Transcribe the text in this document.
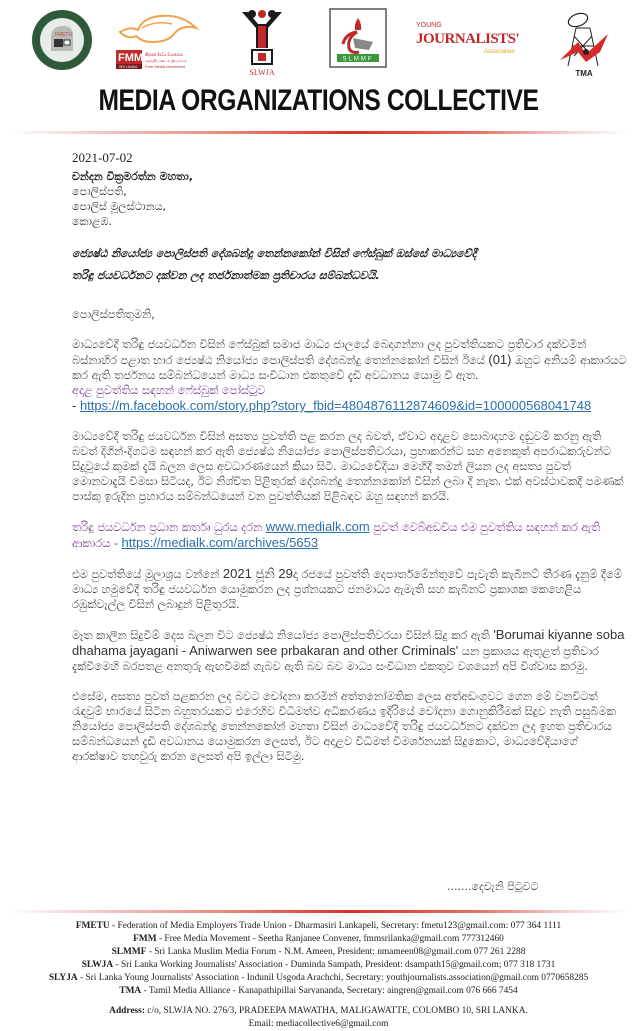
FMETU
FMM
SRI LANKA
නිදහස් මාධ්‍ය ව්‍යාපාරය
சுதந்திர ஊடக இயக்கம்
Free Media Movement
SLWJA
SLMMF
YOUNG
JOURNALISTS'
Association
TMA
MEDIA ORGANIZATIONS COLLECTIVE
2021-07-02
චන්දන වික්‍රමරත්න මහතා,
පොලිස්පති,
පොලිස් මූලස්ථානය,
කොළඹ.
ජ්‍යෙෂ්ඨ නියෝජ්‍ය පොලිස්පති දේශබන්දු තෙන්නකෝන් විසින් ෆේස්බුක් ඔස්සේ මාධ්‍යවේදී
තරිඳු ජයවර්ධනට දක්වන ලද තර්ජනාත්මක ප්‍රතිචාරය සම්බන්ධවයි.
පොලිස්පතිතුමනි,

මාධ්‍යවේදී තරිඳු ජයවර්ධන විසින් ෆේස්බුක් සමාජ මාධ්‍ය ජාලයේ බෙදාගන්නා ලද පුවත්තියකට ප්‍රතිචාර දක්වමින් බස්නාහිර පළාත භාර ජ්‍යෙෂ්ඨ නියෝජ්‍ය පොලිස්පති දේශබන්දු තෙන්නකෝන් විසින් ඊයේ (01) ඔහුට අනියම් ආකාරයට කර ඇති තර්ජනය සම්බන්ධයෙන් මාධ්‍ය සංවිධාන එකතුවේ දැඩි අවධානය යොමු වී ඇත.
අදාළ පුවත්තිය සඳහන් ෆේස්බුක් පෝස්ටුව
- https://m.facebook.com/story.php?story_fbid=4804876112874609&id=100000568041748

මාධ්‍යවේදී තරිඳු ජයවර්ධන විසින් අසත්‍ය පුවත්ති පළ කරන ලද බවත්, ඒවාට අදාළව සොබාදහම දඬුවම් කරනු ඇති බවත් දිගින්-දිගටම සඳහන් කර ඇති ජ්‍යෙෂ්ඨ නියෝජ්‍ය පොලිස්පතිවරයා, ප්‍රභාකරන්ට සහ අනෙකුත් අපරාධකරුවන්ට සිදුවූයේ කුමක් දැයි බලන ලෙස අවධාරණයෙන් කියා සිටී. මාධ්‍යවේදියා මෙහිදී තමන් ලියන ලද අසත්‍ය පුවත් මොනවාදැයි විමසා සිටියද, ඊට නිශ්චිත පිළිතුරක් දේශබන්දු තෙන්නකෝන් විසින් ලබා දී නැත. එක් අවස්ථාවකදී පමණක් පාස්කු ඉරුදින ප්‍රහාරය සම්බන්ධයෙන් වන පුවත්තියක් පිළිබඳව ඔහු සඳහන් කරයි.

තරිඳු ජයවර්ධන ප්‍රධාන කර්තෘ ධුරය දරන www.medialk.com පුවත් වෙබ්අඩවිය එම පුවත්තිය සඳහන් කර ඇති ආකාරය - https://medialk.com/archives/5653

එම පුවත්තියේ මූලාශ්‍රය වන්නේ 2021 ජූනි 29දා රජයේ පුවත්ති දෙපාර්තමේන්තුවේ පැවැති කැබිනට් තීරණ දැනුම් දීමේ මාධ්‍ය හමුවේදී තරිඳු ජයවර්ධන යොමුකරන ලද ප්‍රශ්නයකට ජනමාධ්‍ය ඇමැති සහ කැබිනට් ප්‍රකාශක කෙහෙළිය රඹුක්වැල්ල විසින් ලබාදුන් පිළිතුරයි.

මෑත කාලීන සිදුවීම් දෙස බලන විට ජ්‍යෙෂ්ඨ නියෝජ්‍ය පොලිස්පතිවරයා විසින් සිදු කර ඇති 'Borumai kiyanne soba dhahama jayagani - Aniwarwen see prbakaran and other Criminals' යන ප්‍රකාශය ඇතුළත් ප්‍රතිචාර දැක්වීමෙහි බරපතළ අනතුරු ඇඟවීමක් ගැබව ඇති බව බව මාධ්‍ය සංවිධාන එකතුව වශයෙන් අපි විශ්වාස කරමු.

එසේම, අසත්‍ය පුවත් පළකරන ලද බවට චෝදනා කරමින් අත්තනෝමතික ලෙස අත්අඩංගුවට ගෙන මේ වනවිටත් රැඳවුම් භාරයේ සිටින බහුතරයකට එරෙහිව විධිමත්ව අධිකරණය ඉදිරියේ චෝදනා ගොනුකිරීමක් සිදුව නැති පසුබිමක නියෝජ්‍ය පොලිස්පති දේශබන්දු තෙන්නකෝන් මහතා විසින් මාධ්‍යවේදී තරිඳු ජයවර්ධනට දක්වන ලද ඉහත ප්‍රතිචාරය සම්බන්ධයෙන් දැඩි අවධානය යොමුකරන ලෙසත්, ඊට අදාළව විධිමත් විමර්ශනයක් සිදුකොට, මාධ්‍යවේදියාගේ ආරක්ෂාව තහවුරු කරන ලෙසත් අපි ඉල්ලා සිටිමු.

.......දෙවැනි පිටුවට
FMETU - Federation of Media Employers Trade Union - Dharmasiri Lankapeli, Secretary: fmetu123@gmail.com: 077 364 1111
FMM - Free Media Movement - Seetha Ranjanee Convener, fmmsrilanka@gmail.com 777312460
SLMMF - Sri Lanka Muslim Media Forum - N.M. Ameen, President: nmameen08@gmail.com 077 261 2288
SLWJA - Sri Lanka Working Journalists' Association - Duminda Sampath, President: dsampath15@gmail.com; 077 318 1731
SLYJA - Sri Lanka Young Journalists' Association - Indunil Usgoda Arachchi, Secretary: youthjournalists.association@gmail.com 0770658285
TMA - Tamil Media Alliance - Kanapathipillai Sarvananda, Secretary: aingren@gmail.com 076 666 7454
Address: c/o, SLWJA NO. 276/3, PRADEEPA MAWATHA, MALIGAWATTE, COLOMBO 10, SRI LANKA.
Email: mediacollective6@gmail.com
